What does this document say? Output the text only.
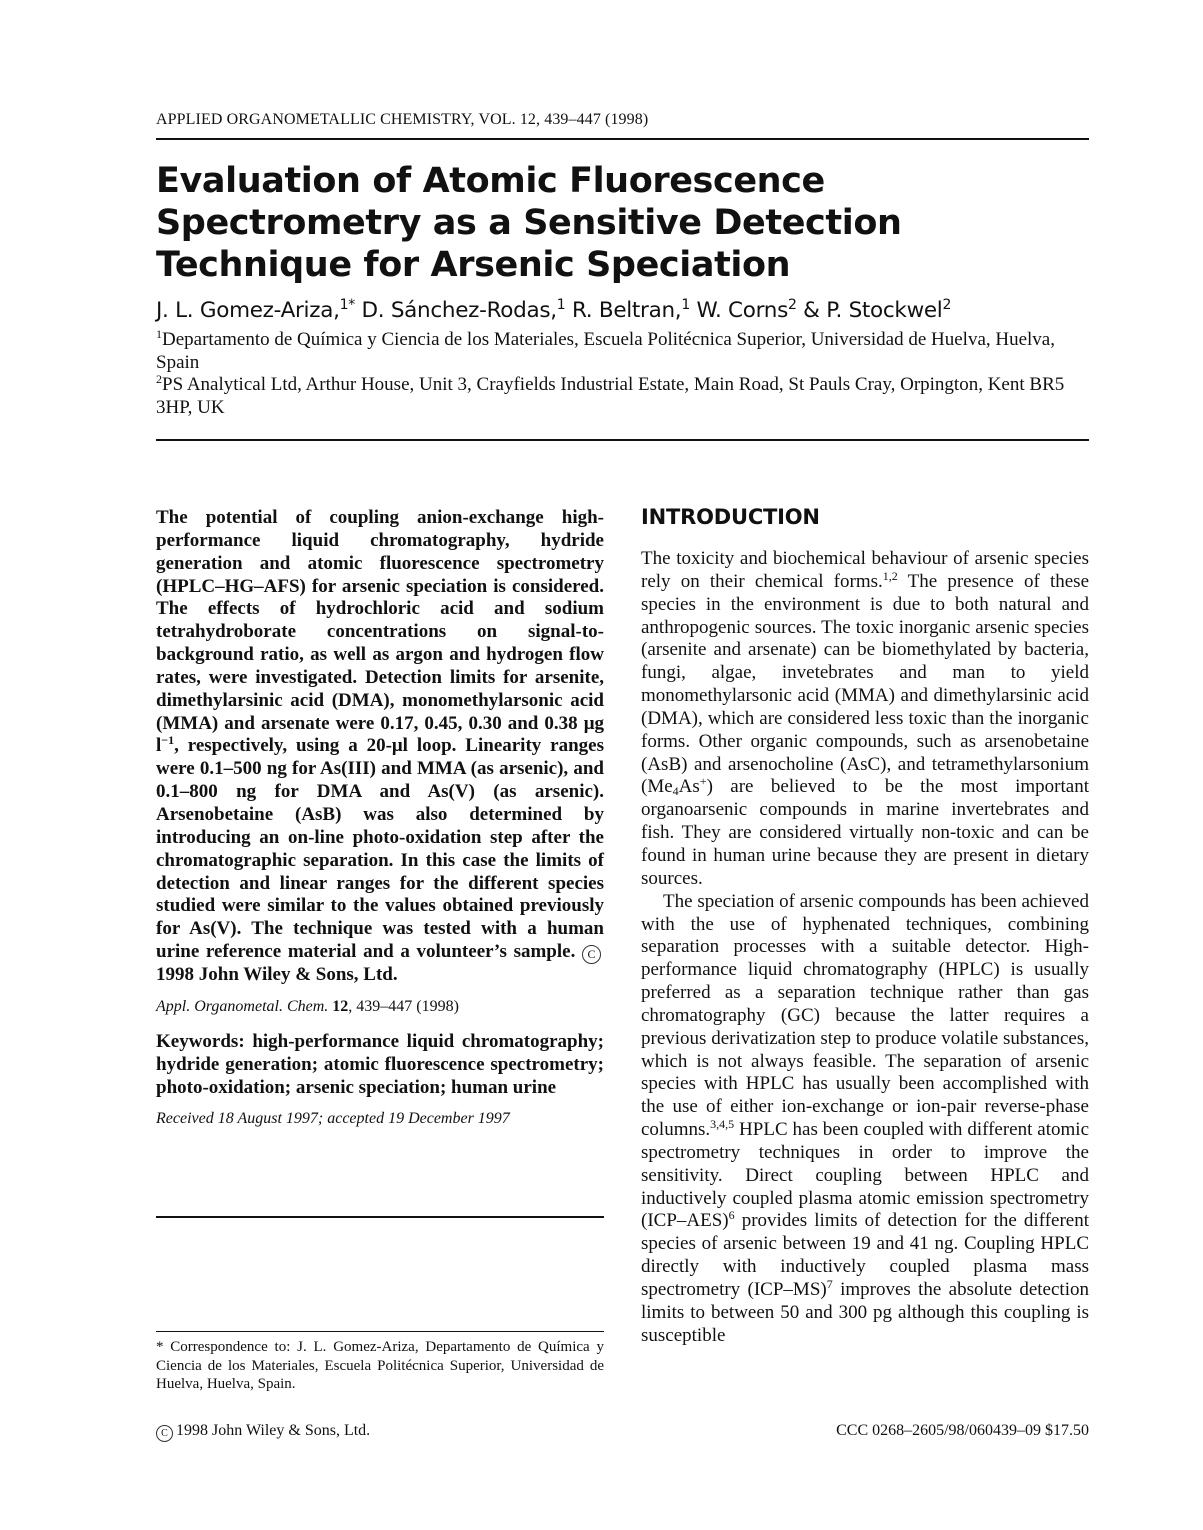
APPLIED ORGANOMETALLIC CHEMISTRY, VOL. 12, 439–447 (1998)
Evaluation of Atomic Fluorescence
Spectrometry as a Sensitive Detection
Technique for Arsenic Speciation
J. L. Gomez-Ariza,$^{1*}$ D. Sánchez-Rodas,$^1$ R. Beltran,$^1$ W. Corns$^2$ & P. Stockwel$^2$
$^1$Departamento de Química y Ciencia de los Materiales, Escuela Politécnica Superior, Universidad de Huelva, Huelva, Spain
$^2$PS Analytical Ltd, Arthur House, Unit 3, Crayfields Industrial Estate, Main Road, St Pauls Cray, Orpington, Kent BR5 3HP, UK

The potential of coupling anion-exchange high-performance liquid chromatography, hydride generation and atomic fluorescence spectrometry (HPLC–HG–AFS) for arsenic speciation is considered. The effects of hydrochloric acid and sodium tetrahydroborate concentrations on signal-to-background ratio, as well as argon and hydrogen flow rates, were investigated. Detection limits for arsenite, dimethylarsinic acid (DMA), monomethylarsonic acid (MMA) and arsenate were 0.17, 0.45, 0.30 and 0.38 μg $l^{-1}$, respectively, using a 20-μl loop. Linearity ranges were 0.1–500 ng for As(III) and MMA (as arsenic), and 0.1–800 ng for DMA and As(V) (as arsenic). Arsenobetaine (AsB) was also determined by introducing an on-line photo-oxidation step after the chromatographic separation. In this case the limits of detection and linear ranges for the different species studied were similar to the values obtained previously for As(V). The technique was tested with a human urine reference material and a volunteer’s sample. C1998 John Wiley & Sons, Ltd.

Appl. Organometal. Chem. 12, 439–447 (1998)
Keywords: high-performance liquid chromatography; hydride generation; atomic fluorescence spectrometry; photo-oxidation; arsenic speciation; human urine
Received 18 August 1997; accepted 19 December 1997
* Correspondence to: J. L. Gomez-Ariza, Departamento de Química y Ciencia de los Materiales, Escuela Politécnica Superior, Universidad de Huelva, Huelva, Spain.
INTRODUCTION

The toxicity and biochemical behaviour of arsenic species rely on their chemical forms.$^{1,2}$ The presence of these species in the environment is due to both natural and anthropogenic sources. The toxic inorganic arsenic species (arsenite and arsenate) can be biomethylated by bacteria, fungi, algae, invetebrates and man to yield monomethylarsonic acid (MMA) and dimethylarsinic acid (DMA), which are considered less toxic than the inorganic forms. Other organic compounds, such as arsenobetaine (AsB) and arsenocholine (AsC), and tetramethylarsonium $(Me_4As^+)$ are believed to be the most important organoarsenic compounds in marine invertebrates and fish. They are considered virtually non-toxic and can be found in human urine because they are present in dietary sources.

The speciation of arsenic compounds has been achieved with the use of hyphenated techniques, combining separation processes with a suitable detector. High-performance liquid chromatography (HPLC) is usually preferred as a separation technique rather than gas chromatography (GC) because the latter requires a previous derivatization step to produce volatile substances, which is not always feasible. The separation of arsenic species with HPLC has usually been accomplished with the use of either ion-exchange or ion-pair reverse-phase columns.$^{3,4,5}$ HPLC has been coupled with different atomic spectrometry techniques in order to improve the sensitivity. Direct coupling between HPLC and inductively coupled plasma atomic emission spectrometry $(ICP-AES)^6$ provides limits of detection for the different species of arsenic between 19 and 41 ng. Coupling HPLC directly with inductively coupled plasma mass spectrometry $(ICP-MS)^7$ improves the absolute detection limits to between 50 and 300 pg although this coupling is susceptible

C 1998 John Wiley & Sons, Ltd.	CCC 0268–2605/98/060439–09 $17.50
